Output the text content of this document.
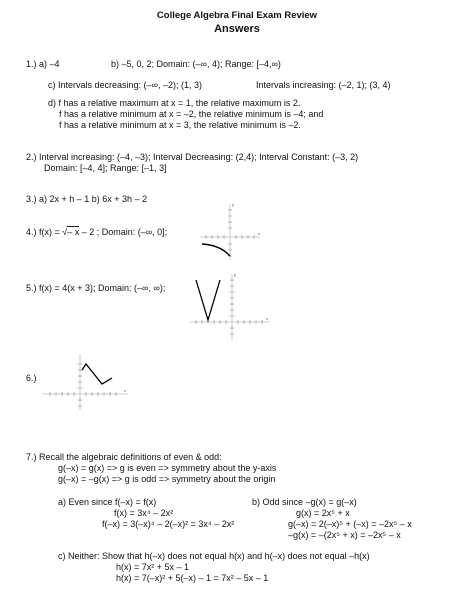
College Algebra Final Exam Review
Answers
1.) a) –4	b) –5, 0, 2; Domain: (–∞, 4); Range: [–4,∞)
c) Intervals decreasing: (–∞, –2); (1, 3)	Intervals increasing: (–2, 1); (3, 4)
d) f has a relative maximum at x = 1, the relative maximum is 2.
f has a relative minimum at x = –2, the relative minimum is –4; and
f has a relative minimum at x = 3, the relative minimum is –2.
2.) Interval increasing: (–4, –3); Interval Decreasing: (2,4); Interval Constant: (–3, 2)
Domain: [–4, 4]; Range: [–1, 3]
3.) a) 2x + h – 1 b) 6x + 3h – 2
4.) f(x) = √– x – 2 ; Domain: (–∞, 0];	x
y
5.) f(x) = 4(x + 3); Domain: (–∞, ∞);
x
y
6.)
x
7.) Recall the algebraic definitions of even & odd:
g(–x) = g(x) => g is even => symmetry about the y-axis
g(–x) = –g(x) => g is odd => symmetry about the origin
a) Even since f(–x) = f(x)
f(x) = 3x⁴ – 2x²
f(–x) = 3(–x)⁴ – 2(–x)² = 3x⁴ – 2x²
b) Odd since –g(x) = g(–x)
g(x) = 2x⁵ + x
g(–x) = 2(–x)⁵ + (–x) = –2x⁵ – x
–g(x) = –(2x⁵ + x) = –2x⁵ – x
c) Neither: Show that h(–x) does not equal h(x) and h(–x) does not equal –h(x)
h(x) = 7x² + 5x – 1
h(x) = 7(–x)² + 5(–x) – 1 = 7x² – 5x – 1
